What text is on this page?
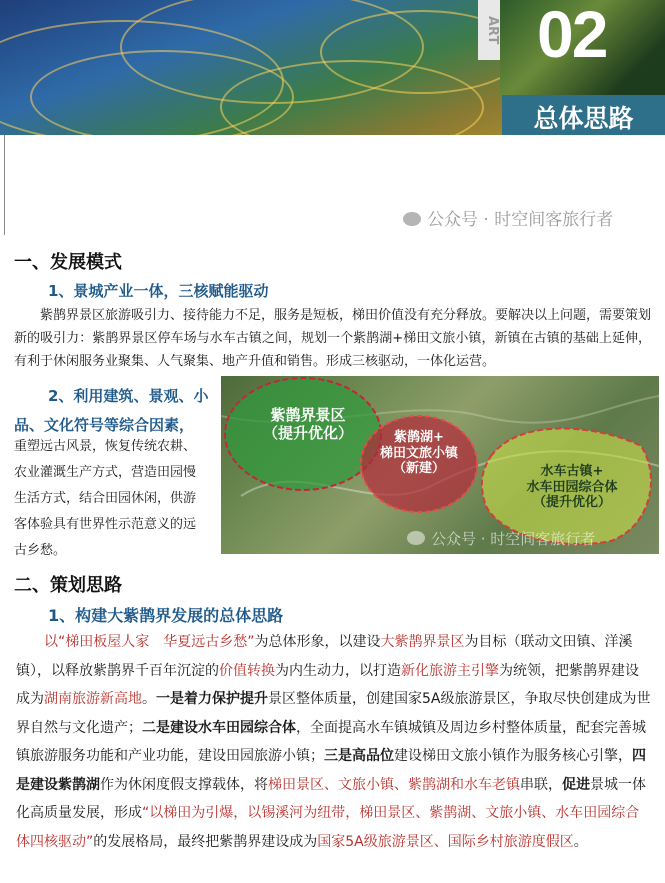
ART 02
总体思路
公众号 · 时空间客旅行者
一、发展模式
1、景城产业一体，三核赋能驱动
紫鹊界景区旅游吸引力、接待能力不足，服务是短板，梯田价值没有充分释放。要解决以上问题，需要策划新的吸引力：紫鹊界景区停车场与水车古镇之间，规划一个紫鹊湖+梯田文旅小镇，新镇在古镇的基础上延伸，有利于休闲服务业聚集、人气聚集、地产升值和销售。形成三核驱动，一体化运营。
2、利用建筑、景观、小
品、文化符号等综合因素，
重塑远古风景，恢复传统农耕、
农业灌溉生产方式，营造田园慢
生活方式，结合田园休闲，供游
客体验具有世界性示范意义的远
古乡愁。
紫鹊界景区
（提升优化）	紫鹊湖+
梯田文旅小镇
（新建）	水车古镇+
水车田园综合体
（提升优化）
公众号 · 时空间客旅行者
二、策划思路
1、构建大紫鹊界发展的总体思路
以“梯田板屋人家　华夏远古乡愁”为总体形象，以建设大紫鹊界景区为目标（联动文田镇、洋溪镇），以释放紫鹊界千百年沉淀的价值转换为内生动力，以打造新化旅游主引擎为统领，把紫鹊界建设成为湖南旅游新高地。一是着力保护提升景区整体质量，创建国家5A级旅游景区，争取尽快创建成为世界自然与文化遗产；二是建设水车田园综合体，全面提高水车镇城镇及周边乡村整体质量，配套完善城镇旅游服务功能和产业功能，建设田园旅游小镇；三是高品位建设梯田文旅小镇作为服务核心引擎，四是建设紫鹊湖作为休闲度假支撑载体，将梯田景区、文旅小镇、紫鹊湖和水车老镇串联，促进景城一体化高质量发展，形成“以梯田为引爆，以锡溪河为纽带，梯田景区、紫鹊湖、文旅小镇、水车田园综合体四核驱动”的发展格局，最终把紫鹊界建设成为国家5A级旅游景区、国际乡村旅游度假区。
